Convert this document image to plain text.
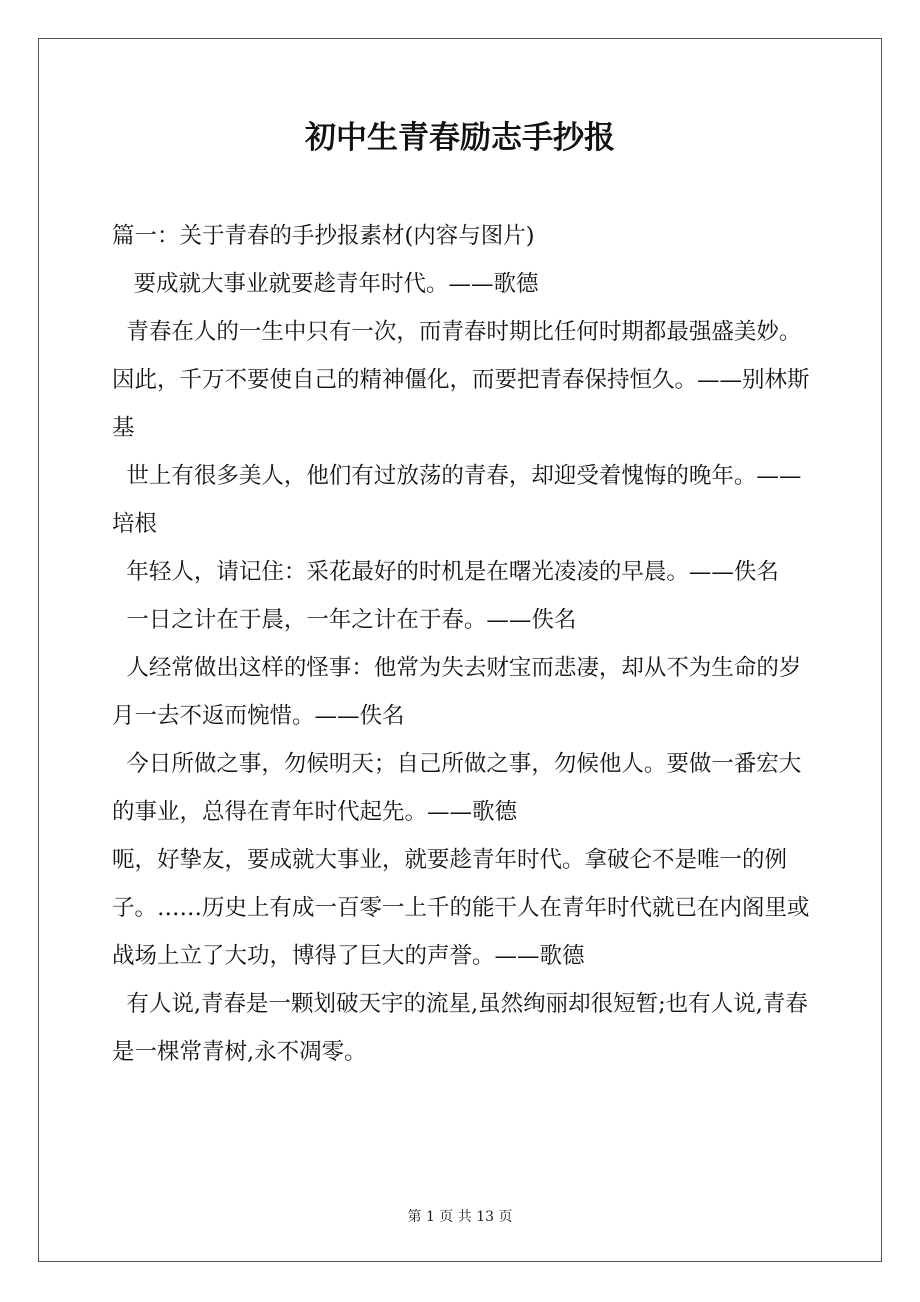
初中生青春励志手抄报

篇一：关于青春的手抄报素材(内容与图片)

要成就大事业就要趁青年时代。——歌德

青春在人的一生中只有一次，而青春时期比任何时期都最强盛美妙。因此，千万不要使自己的精神僵化，而要把青春保持恒久。——别林斯基

世上有很多美人，他们有过放荡的青春，却迎受着愧悔的晚年。——培根

年轻人，请记住：采花最好的时机是在曙光凌凌的早晨。——佚名

一日之计在于晨，一年之计在于春。——佚名

人经常做出这样的怪事：他常为失去财宝而悲凄，却从不为生命的岁月一去不返而惋惜。——佚名

今日所做之事，勿候明天；自己所做之事，勿候他人。要做一番宏大的事业，总得在青年时代起先。——歌德

呃，好挚友，要成就大事业，就要趁青年时代。拿破仑不是唯一的例子。……历史上有成一百零一上千的能干人在青年时代就已在内阁里或战场上立了大功，博得了巨大的声誉。——歌德

有人说,青春是一颗划破天宇的流星,虽然绚丽却很短暂;也有人说,青春是一棵常青树,永不凋零。

第 1 页 共 13 页
